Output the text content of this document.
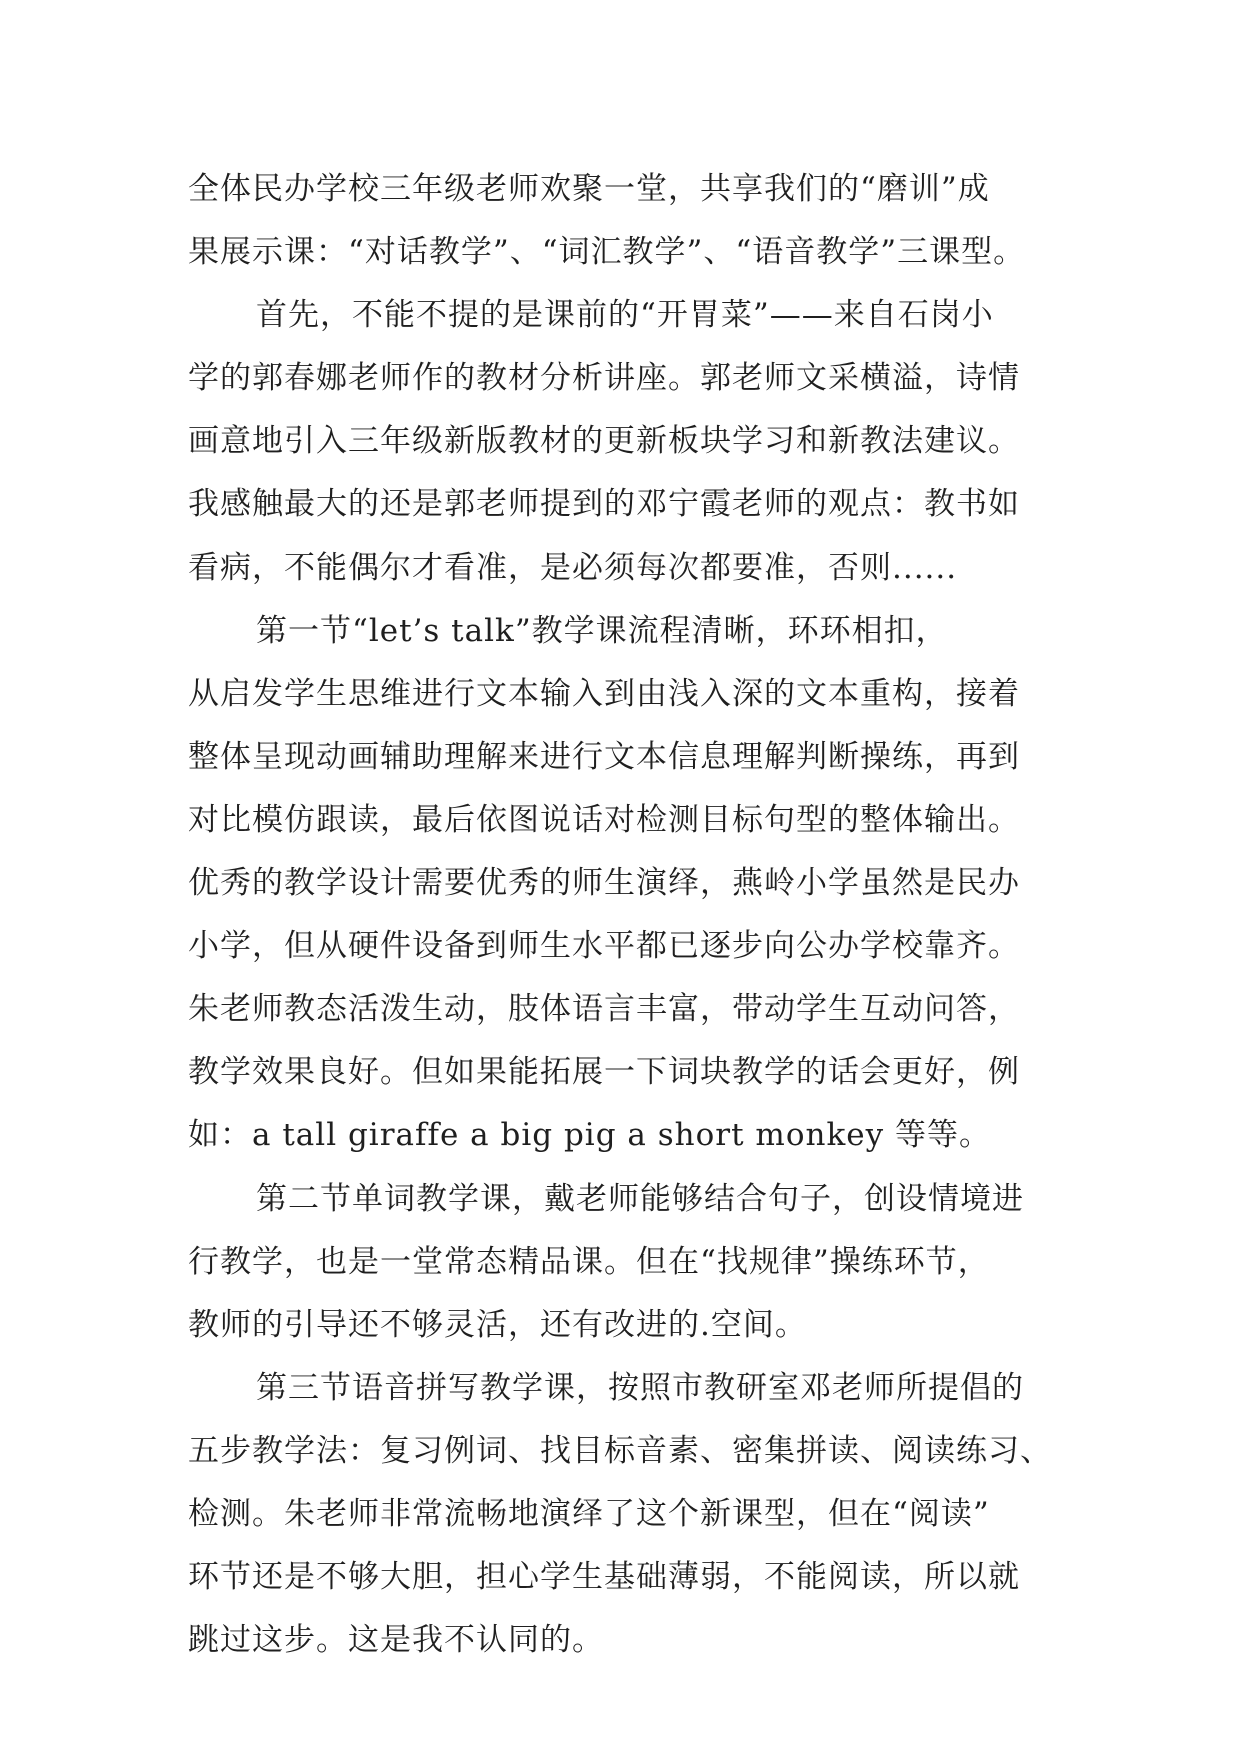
全体民办学校三年级老师欢聚一堂，共享我们的“磨训”成
果展示课：“对话教学”、“词汇教学”、“语音教学”三课型。
首先，不能不提的是课前的“开胃菜”——来自石岗小
学的郭春娜老师作的教材分析讲座。郭老师文采横溢，诗情
画意地引入三年级新版教材的更新板块学习和新教法建议。
我感触最大的还是郭老师提到的邓宁霞老师的观点：教书如
看病，不能偶尔才看准，是必须每次都要准，否则......
第一节“let’s talk”教学课流程清晰，环环相扣，
从启发学生思维进行文本输入到由浅入深的文本重构，接着
整体呈现动画辅助理解来进行文本信息理解判断操练，再到
对比模仿跟读，最后依图说话对检测目标句型的整体输出。
优秀的教学设计需要优秀的师生演绎，燕岭小学虽然是民办
小学，但从硬件设备到师生水平都已逐步向公办学校靠齐。
朱老师教态活泼生动，肢体语言丰富，带动学生互动问答，
教学效果良好。但如果能拓展一下词块教学的话会更好，例
如：a tall giraffe a big pig a short monkey 等等。
第二节单词教学课，戴老师能够结合句子，创设情境进
行教学，也是一堂常态精品课。但在“找规律”操练环节，
教师的引导还不够灵活，还有改进的.空间。
第三节语音拼写教学课，按照市教研室邓老师所提倡的
五步教学法：复习例词、找目标音素、密集拼读、阅读练习、
检测。朱老师非常流畅地演绎了这个新课型，但在“阅读”
环节还是不够大胆，担心学生基础薄弱，不能阅读，所以就
跳过这步。这是我不认同的。
